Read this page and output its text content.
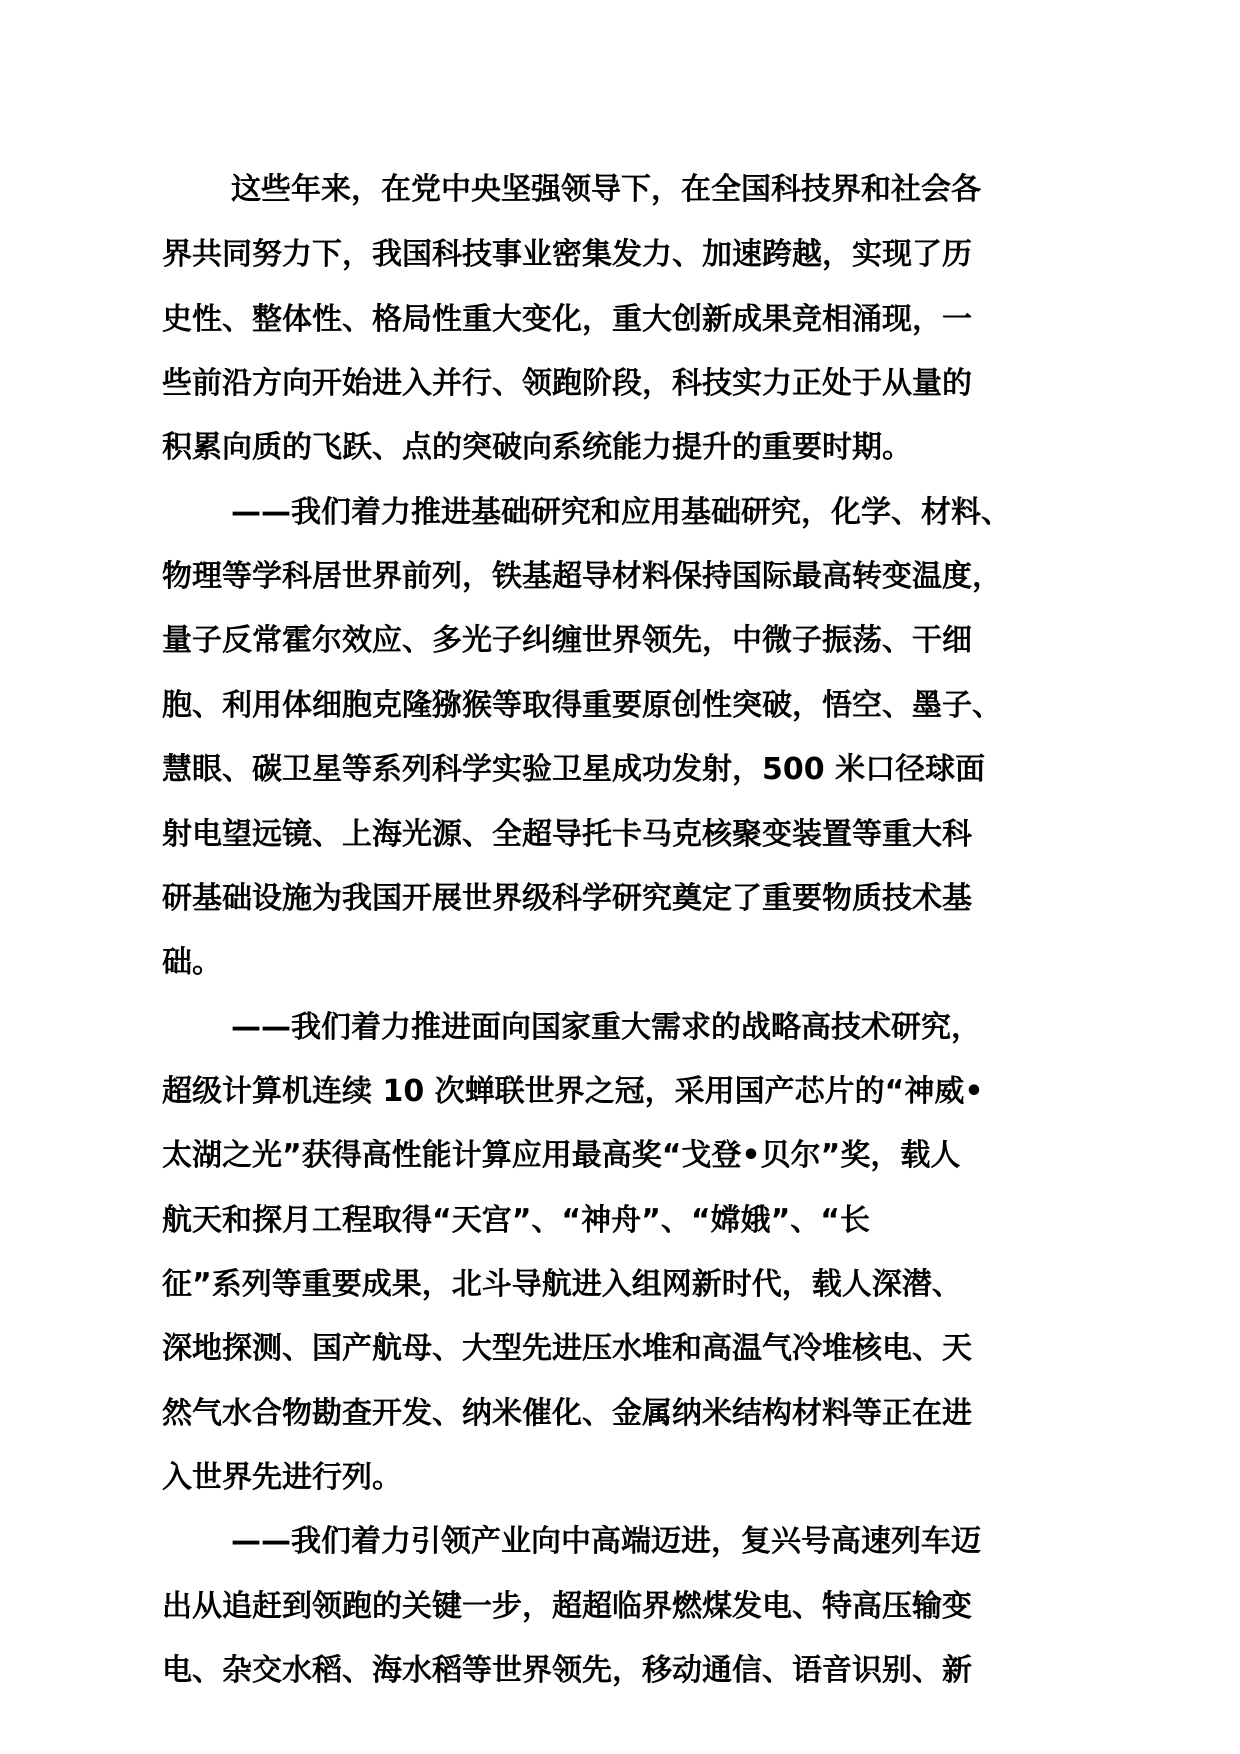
这些年来，在党中央坚强领导下，在全国科技界和社会各
界共同努力下，我国科技事业密集发力、加速跨越，实现了历
史性、整体性、格局性重大变化，重大创新成果竞相涌现，一
些前沿方向开始进入并行、领跑阶段，科技实力正处于从量的
积累向质的飞跃、点的突破向系统能力提升的重要时期。
——我们着力推进基础研究和应用基础研究，化学、材料、
物理等学科居世界前列，铁基超导材料保持国际最高转变温度，
量子反常霍尔效应、多光子纠缠世界领先，中微子振荡、干细
胞、利用体细胞克隆猕猴等取得重要原创性突破，悟空、墨子、
慧眼、碳卫星等系列科学实验卫星成功发射，500 米口径球面
射电望远镜、上海光源、全超导托卡马克核聚变装置等重大科
研基础设施为我国开展世界级科学研究奠定了重要物质技术基
础。
——我们着力推进面向国家重大需求的战略高技术研究，
超级计算机连续 10 次蝉联世界之冠，采用国产芯片的“神威•
太湖之光”获得高性能计算应用最高奖“戈登•贝尔”奖，载人
航天和探月工程取得“天宫”、“神舟”、“嫦娥”、“长
征”系列等重要成果，北斗导航进入组网新时代，载人深潜、
深地探测、国产航母、大型先进压水堆和高温气冷堆核电、天
然气水合物勘查开发、纳米催化、金属纳米结构材料等正在进
入世界先进行列。
——我们着力引领产业向中高端迈进，复兴号高速列车迈
出从追赶到领跑的关键一步，超超临界燃煤发电、特高压输变
电、杂交水稻、海水稻等世界领先，移动通信、语音识别、新
